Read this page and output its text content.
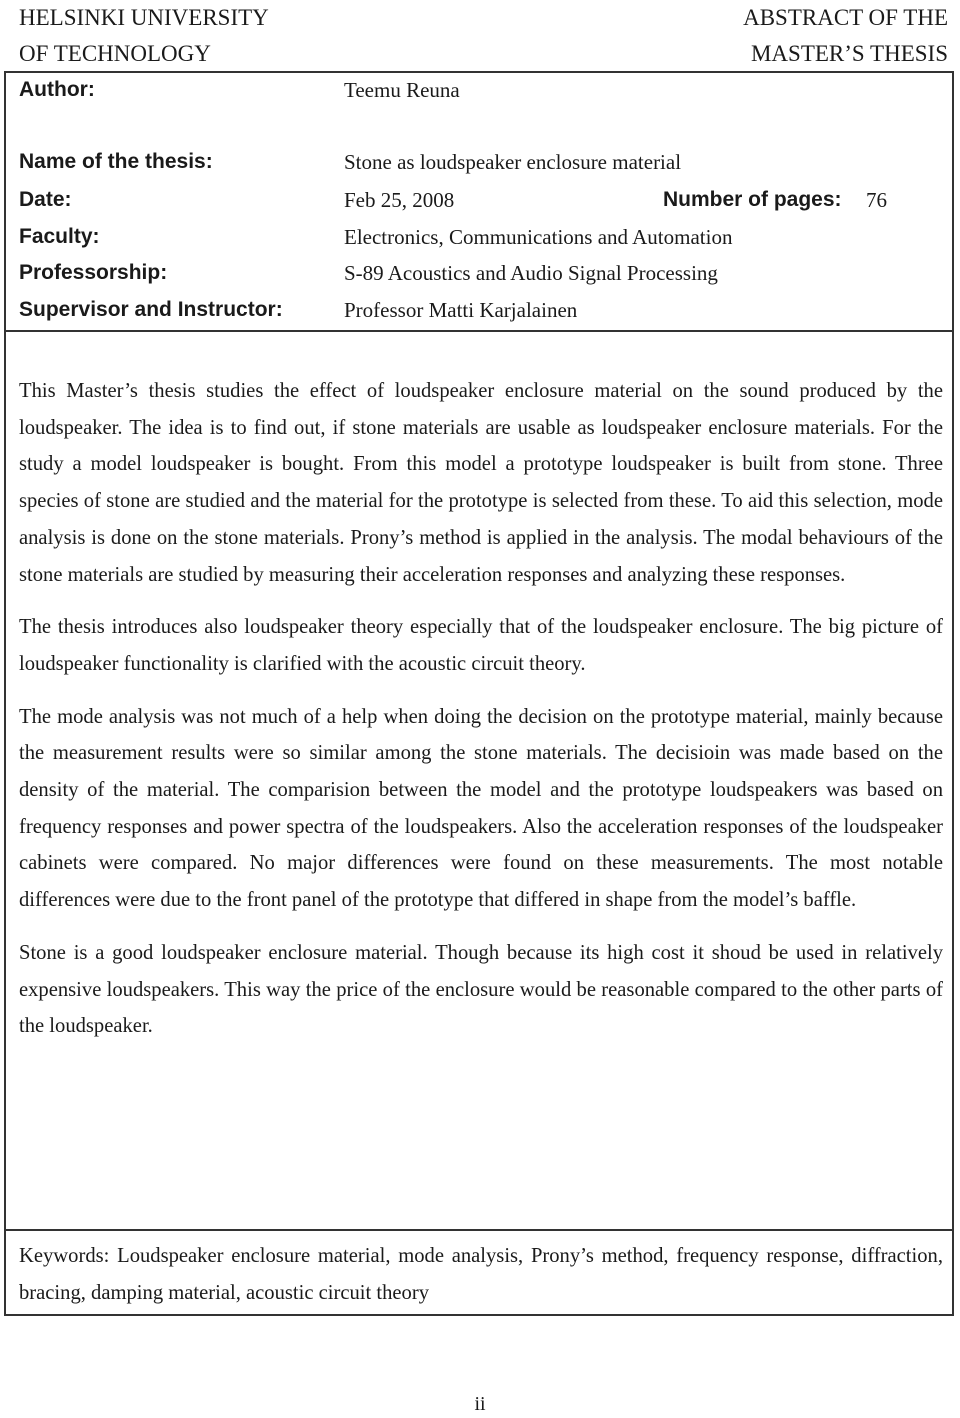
HELSINKI UNIVERSITY
OF TECHNOLOGY
ABSTRACT OF THE
MASTER’S THESIS
Author:	Teemu Reuna
Name of the thesis:	Stone as loudspeaker enclosure material
Date:	Feb 25, 2008	Number of pages: 76
Faculty:	Electronics, Communications and Automation
Professorship:	S-89 Acoustics and Audio Signal Processing
Supervisor and Instructor:	Professor Matti Karjalainen

This Master’s thesis studies the effect of loudspeaker enclosure material on the sound produced by the loudspeaker. The idea is to find out, if stone materials are usable as loudspeaker enclosure materials. For the study a model loudspeaker is bought. From this model a prototype loudspeaker is built from stone. Three species of stone are studied and the material for the prototype is selected from these. To aid this selection, mode analysis is done on the stone materials. Prony’s method is applied in the analysis. The modal behaviours of the stone materials are studied by measuring their acceleration responses and analyzing these responses.

The thesis introduces also loudspeaker theory especially that of the loudspeaker enclosure. The big picture of loudspeaker functionality is clarified with the acoustic circuit theory.

The mode analysis was not much of a help when doing the decision on the prototype material, mainly because the measurement results were so similar among the stone materials. The decisioin was made based on the density of the material. The comparision between the model and the prototype loudspeakers was based on frequency responses and power spectra of the loudspeakers. Also the acceleration responses of the loudspeaker cabinets were compared. No major differences were found on these measurements. The most notable differences were due to the front panel of the prototype that differed in shape from the model’s baffle.

Stone is a good loudspeaker enclosure material. Though because its high cost it shoud be used in relatively expensive loudspeakers. This way the price of the enclosure would be reasonable compared to the other parts of the loudspeaker.

Keywords: Loudspeaker enclosure material, mode analysis, Prony’s method, frequency response, diffraction, bracing, damping material, acoustic circuit theory
ii
